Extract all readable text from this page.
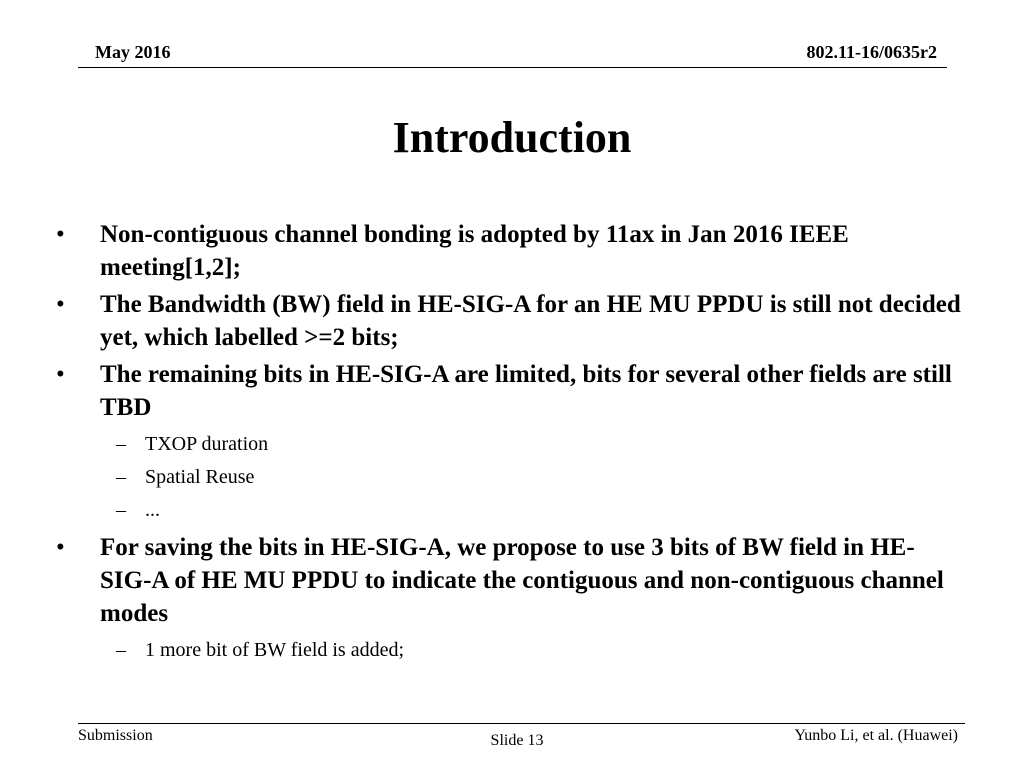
May 2016	802.11-16/0635r2
Introduction
• Non-contiguous channel bonding is adopted by 11ax in Jan 2016 IEEE meeting[1,2];
• The Bandwidth (BW) field in HE-SIG-A for an HE MU PPDU is still not decided yet, which labelled >=2 bits;
• The remaining bits in HE-SIG-A are limited, bits for several other fields are still TBD
– TXOP duration
– Spatial Reuse
– ...
• For saving the bits in HE-SIG-A, we propose to use 3 bits of BW field in HE-SIG-A of HE MU PPDU to indicate the contiguous and non-contiguous channel modes
– 1 more bit of BW field is added;
Submission	Slide 13	Yunbo Li, et al. (Huawei)
